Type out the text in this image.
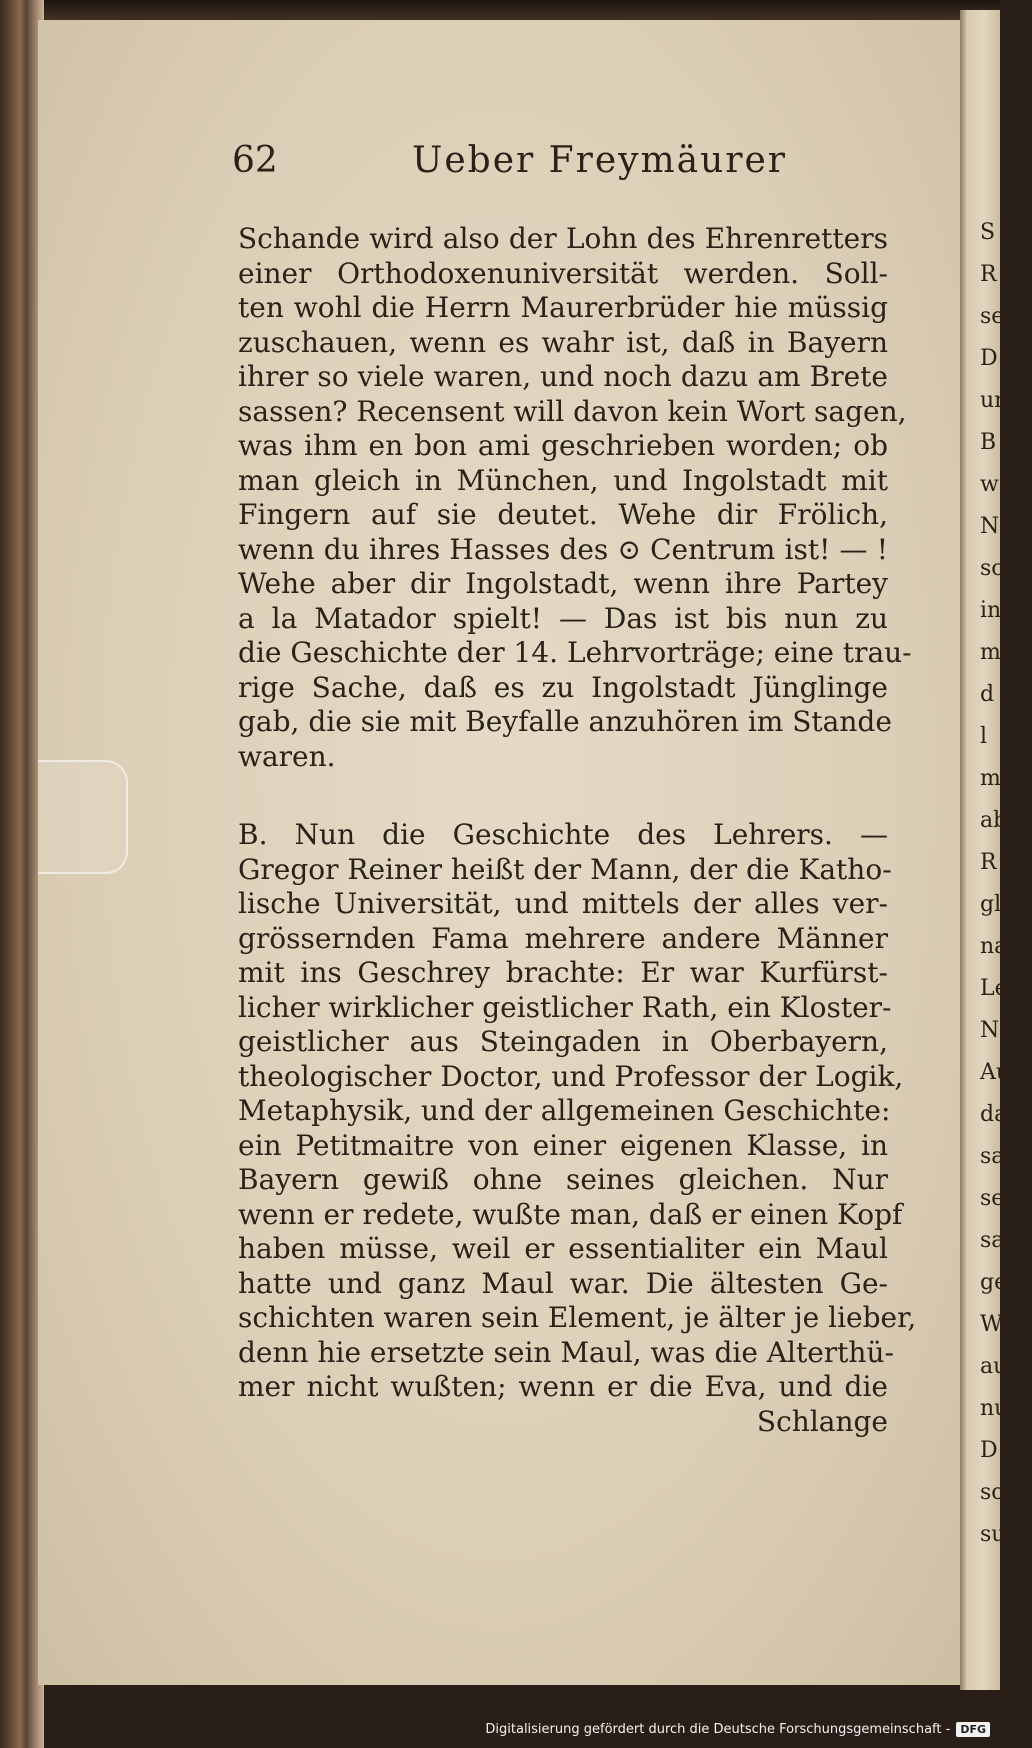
S
R
se
D
ur
B
w
N
sc
in
m
d
l
m
ab
R
gle
na
Leu
N
Au
da
sam
sei
saa
ger
W
au
nu
D
so
such
62	Ueber Freymäurer
Schande wird also der Lohn des Ehrenretters
einer Orthodoxenuniversität werden. Soll-
ten wohl die Herrn Maurerbrüder hie müssig
zuschauen, wenn es wahr ist, daß in Bayern
ihrer so viele waren, und noch dazu am Brete
sassen? Recensent will davon kein Wort sagen,
was ihm en bon ami geschrieben worden; ob
man gleich in München, und Ingolstadt mit
Fingern auf sie deutet. Wehe dir Frölich,
wenn du ihres Hasses des ⊙ Centrum ist! — !
Wehe aber dir Ingolstadt, wenn ihre Partey
a la Matador spielt! — Das ist bis nun zu
die Geschichte der 14. Lehrvorträge; eine trau-
rige Sache, daß es zu Ingolstadt Jünglinge
gab, die sie mit Beyfalle anzuhören im Stande
waren.
B. Nun die Geschichte des Lehrers. —
Gregor Reiner heißt der Mann, der die Katho-
lische Universität, und mittels der alles ver-
grössernden Fama mehrere andere Männer
mit ins Geschrey brachte: Er war Kurfürst-
licher wirklicher geistlicher Rath, ein Kloster-
geistlicher aus Steingaden in Oberbayern,
theologischer Doctor, und Professor der Logik,
Metaphysik, und der allgemeinen Geschichte:
ein Petitmaitre von einer eigenen Klasse, in
Bayern gewiß ohne seines gleichen. Nur
wenn er redete, wußte man, daß er einen Kopf
haben müsse, weil er essentialiter ein Maul
hatte und ganz Maul war. Die ältesten Ge-
schichten waren sein Element, je älter je lieber,
denn hie ersetzte sein Maul, was die Alterthü-
mer nicht wußten; wenn er die Eva, und die
Schlange
Digitalisierung gefördert durch die Deutsche Forschungsgemeinschaft - DFG
